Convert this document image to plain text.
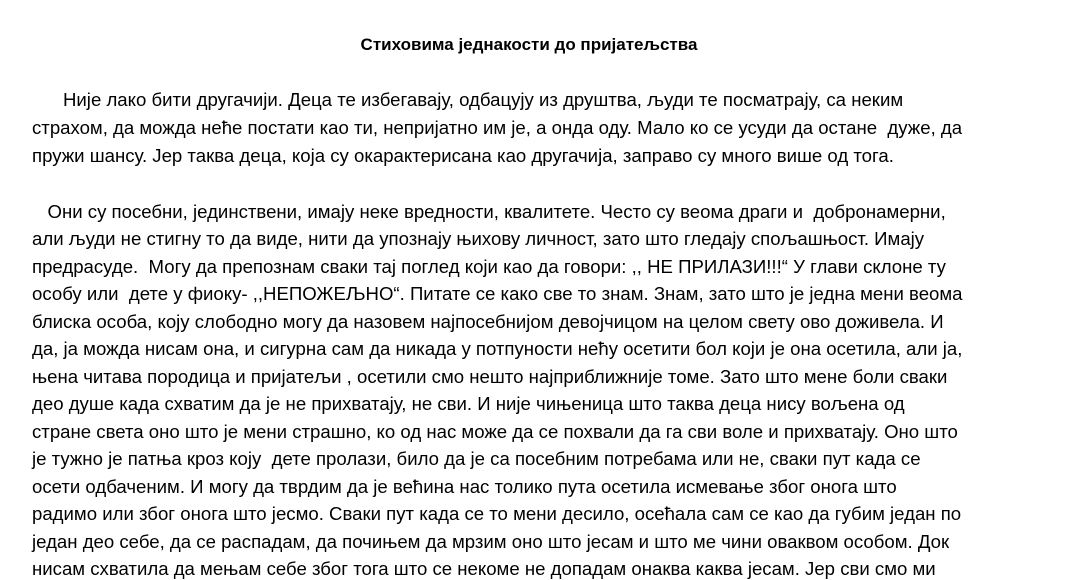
Стиховима једнакости до пријатељства

Није лако бити другачији. Деца те избегавају, одбацују из друштва, људи те посматрају, са неким

страхом, да можда неће постати као ти, непријатно им је, а онда оду. Мало ко се усуди да остане  дуже, да

пружи шансу. Јер таква деца, која су окарактерисана као другачија, заправо су много више од тога.

Они су посебни, јединствени, имају неке вредности, квалитете. Често су веома драги и  добронамерни,

али људи не стигну то да виде, нити да упознају њихову личност, зато што гледају спољашњост. Имају

предрасуде.  Могу да препознам сваки тај поглед који као да говори: ,, НЕ ПРИЛАЗИ!!!“ У глави склоне ту

особу или  дете у фиоку- ,,НЕПОЖЕЉНО“. Питате се како све то знам. Знам, зато што је једна мени веома

блиска особа, коју слободно могу да назовем најпосебнијом девојчицом на целом свету ово доживела. И

да, ја можда нисам она, и сигурна сам да никада у потпуности нећу осетити бол који је она осетила, али ја,

њена читава породица и пријатељи , осетили смо нешто најприближније томе. Зато што мене боли сваки

део душе када схватим да је не прихватају, не сви. И није чињеница што таква деца нису вољена од

стране света оно што је мени страшно, ко од нас може да се похвали да га сви воле и прихватају. Оно што

је тужно је патња кроз коју  дете пролази, било да је са посебним потребама или не, сваки пут када се

осети одбаченим. И могу да тврдим да је већина нас толико пута осетила исмевање због онога што

радимо или због онога што јесмо. Сваки пут када се то мени десило, осећала сам се као да губим један по

један део себе, да се распадам, да почињем да мрзим оно што јесам и што ме чини оваквом особом. Док

нисам схватила да мењам себе због тога што се некоме не допадам онаква каква јесам. Јер сви смо ми
